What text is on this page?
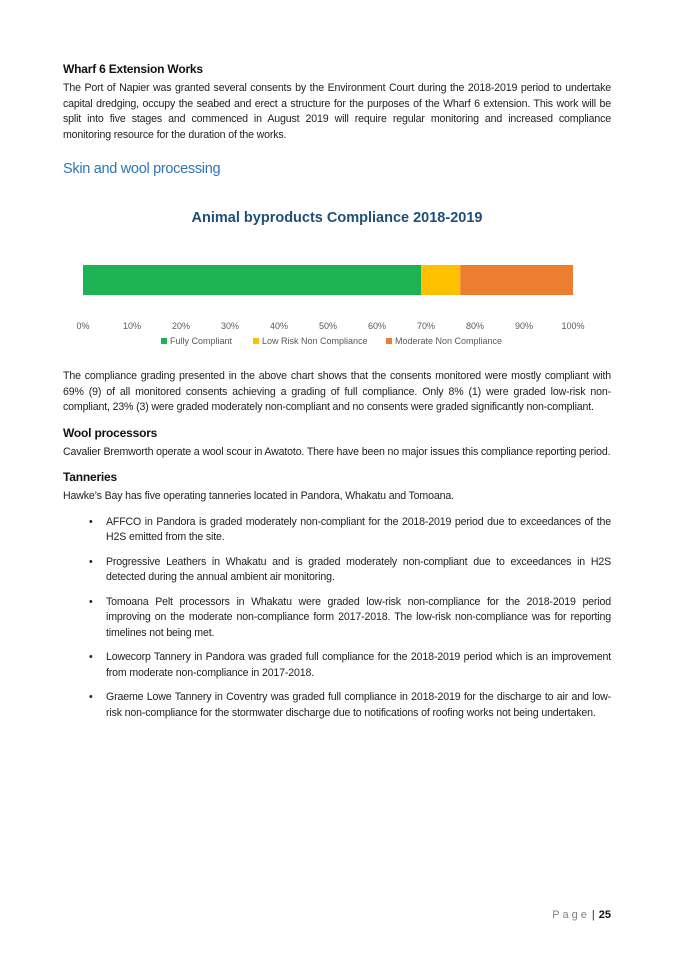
Wharf 6 Extension Works

The Port of Napier was granted several consents by the Environment Court during the 2018-2019 period to undertake capital dredging, occupy the seabed and erect a structure for the purposes of the Wharf 6 extension. This work will be split into five stages and commenced in August 2019 will require regular monitoring and increased compliance monitoring resource for the duration of the works.

Skin and wool processing
Animal byproducts Compliance 2018-2019
0%	10%	20%	30%	40%	50%	60%	70%	80%	90%	100%
Fully Compliant	Low Risk Non Compliance	Moderate Non Compliance

The compliance grading presented in the above chart shows that the consents monitored were mostly compliant with 69% (9) of all monitored consents achieving a grading of full compliance. Only 8% (1) were graded low-risk non-compliant, 23% (3) were graded moderately non-compliant and no consents were graded significantly non-compliant.

Wool processors

Cavalier Bremworth operate a wool scour in Awatoto. There have been no major issues this compliance reporting period.

Tanneries

Hawke’s Bay has five operating tanneries located in Pandora, Whakatu and Tomoana.

• AFFCO in Pandora is graded moderately non-compliant for the 2018-2019 period due to exceedances of the H2S emitted from the site.
• Progressive Leathers in Whakatu and is graded moderately non-compliant due to exceedances in H2S detected during the annual ambient air monitoring.
• Tomoana Pelt processors in Whakatu were graded low-risk non-compliance for the 2018-2019 period improving on the moderate non-compliance form 2017-2018. The low-risk non-compliance was for reporting timelines not being met.
• Lowecorp Tannery in Pandora was graded full compliance for the 2018-2019 period which is an improvement from moderate non-compliance in 2017-2018.
• Graeme Lowe Tannery in Coventry was graded full compliance in 2018-2019 for the discharge to air and low-risk non-compliance for the stormwater discharge due to notifications of roofing works not being undertaken.
Page | 25
